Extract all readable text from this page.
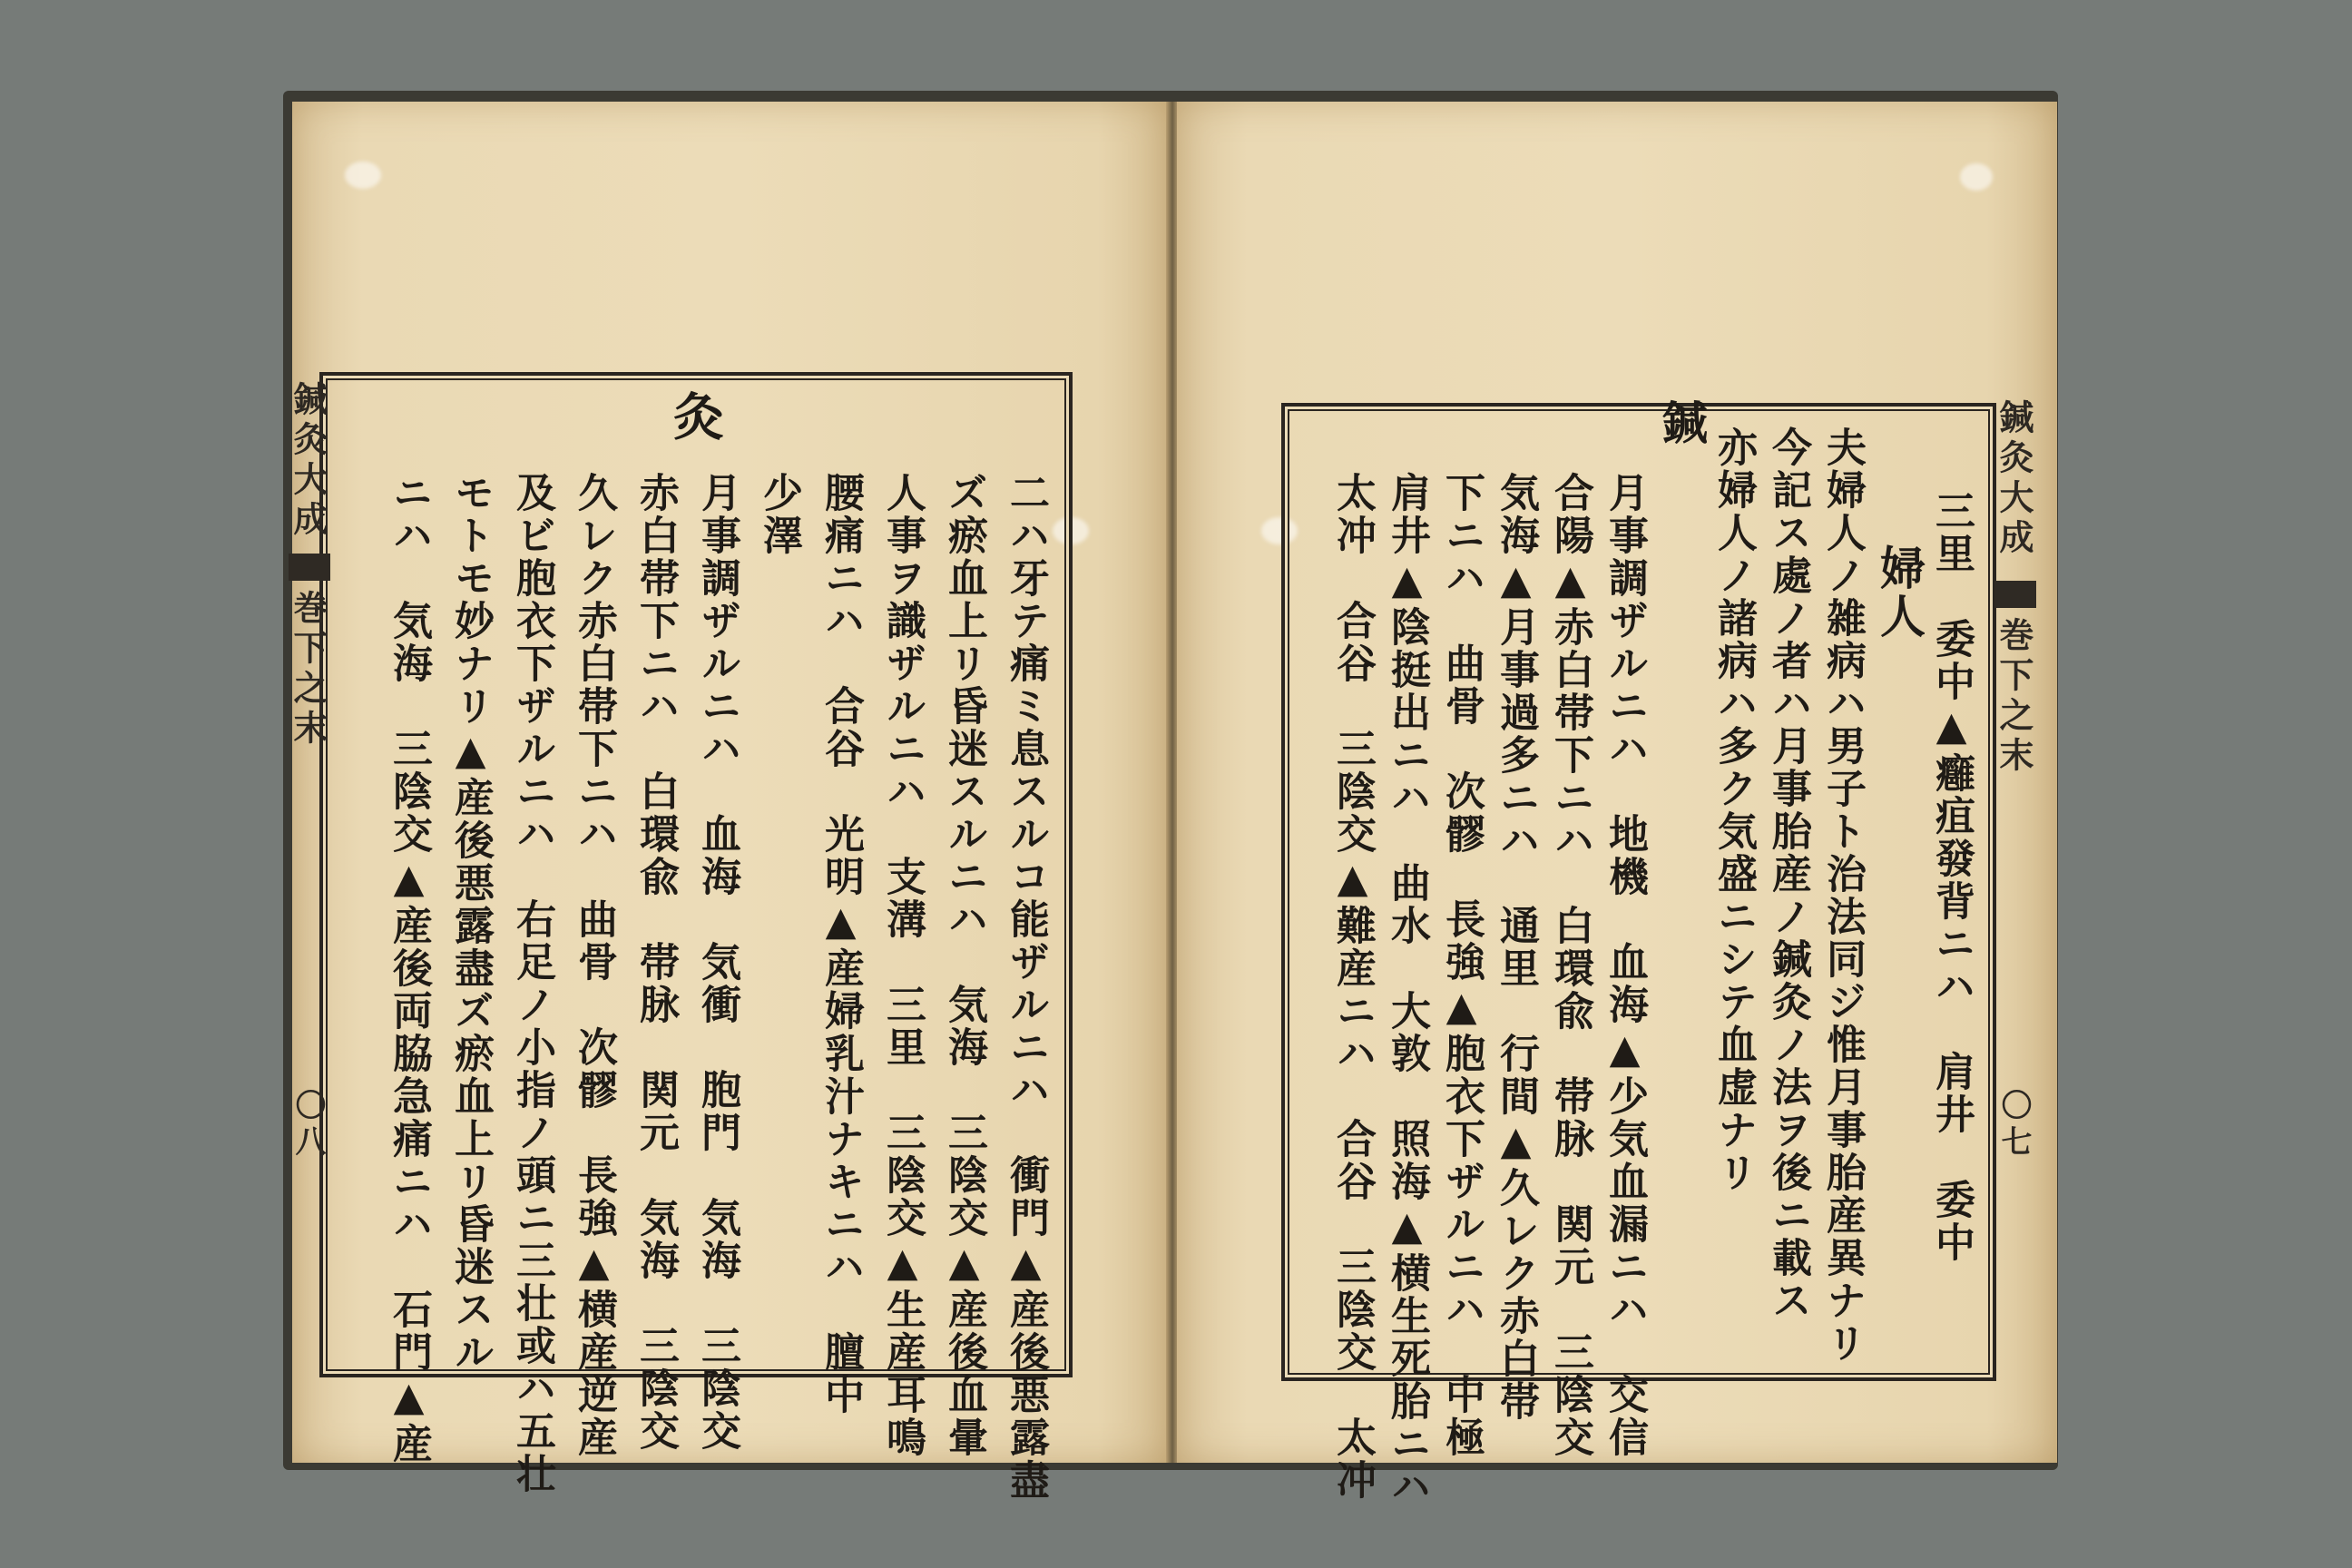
鍼灸大成
巻下之末
〇八
灸
二ハ牙テ痛ミ息スルコ能ザルニハ　衝門▲産後悪露盡
ズ瘀血上リ昏迷スルニハ　気海　三陰交▲産後血暈
人事ヲ識ザルニハ　支溝　三里　三陰交▲生産耳鳴
腰痛ニハ　合谷　光明▲産婦乳汁ナキニハ　膻中
少澤
月事調ザルニハ　血海　気衝　胞門　気海　三陰交
赤白帯下ニハ　白環兪　帯脉　関元　気海　三陰交
久レク赤白帯下ニハ　曲骨　次髎　長強▲横産逆産
及ビ胞衣下ザルニハ　右足ノ小指ノ頭ニ三壮或ハ五壮
モトモ妙ナリ▲産後悪露盡ズ瘀血上リ昏迷スル
ニハ　気海　三陰交▲産後両脇急痛ニハ　石門▲産	鍼灸大成
巻下之末
〇七
三里　委中▲癰疽發背ニハ　肩井　委中
婦人
夫婦人ノ雑病ハ男子ト治法同ジ惟月事胎産異ナリ
今記ス處ノ者ハ月事胎産ノ鍼灸ノ法ヲ後ニ載ス
亦婦人ノ諸病ハ多ク気盛ニシテ血虚ナリ
鍼
月事調ザルニハ　地機　血海▲少気血漏ニハ　交信
合陽▲赤白帯下ニハ　白環兪　帯脉　関元　三陰交
気海▲月事過多ニハ　通里　行間▲久レク赤白帯
下ニハ　曲骨　次髎　長強▲胞衣下ザルニハ　中極
肩井▲陰挺出ニハ　曲水　大敦　照海▲横生死胎ニハ
太冲　合谷　三陰交▲難産ニハ　合谷　三陰交　太冲
